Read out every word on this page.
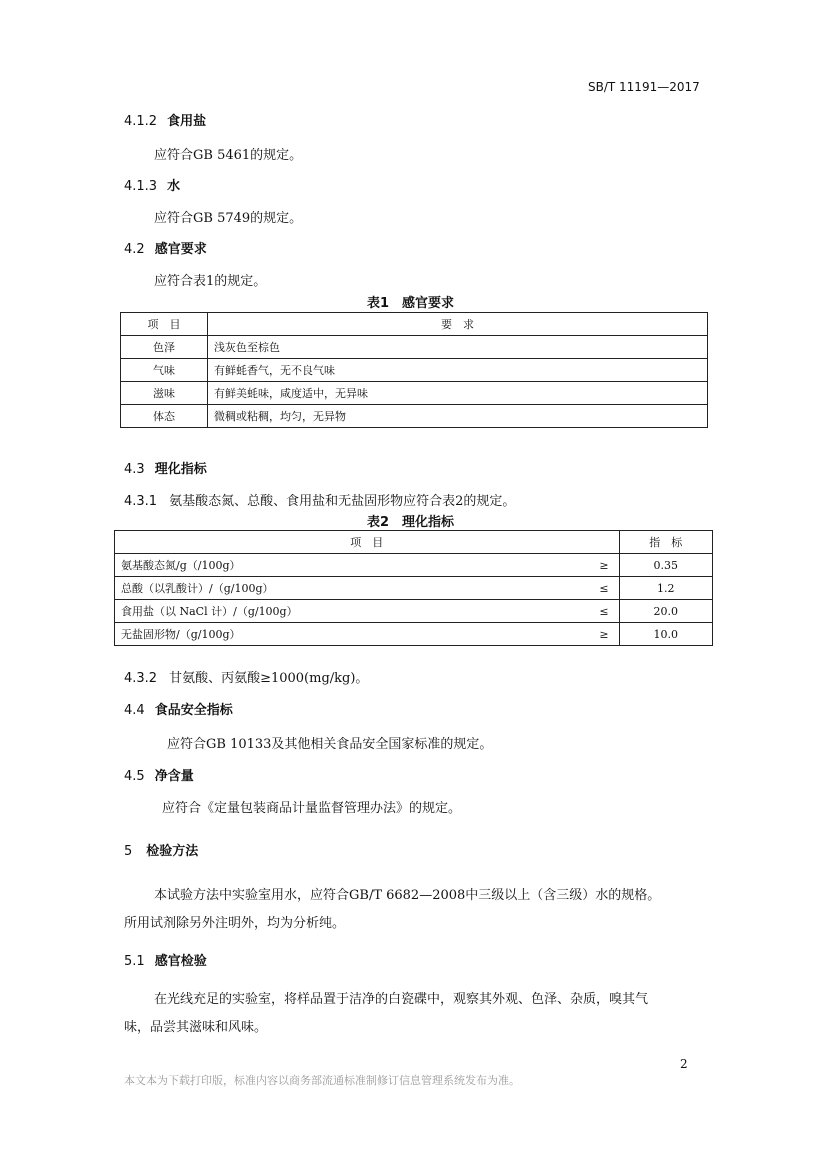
SB/T 11191—2017
4.1.2 食用盐
应符合GB 5461的规定。
4.1.3 水
应符合GB 5749的规定。
4.2 感官要求
应符合表1的规定。
表1　感官要求
项　目	要　求
色泽	浅灰色至棕色
气味	有鲜蚝香气，无不良气味
滋味	有鲜美蚝味，咸度适中，无异味
体态	微稠或粘稠，均匀，无异物
4.3 理化指标
4.3.1 氨基酸态氮、总酸、食用盐和无盐固形物应符合表2的规定。
表2　理化指标
项　目		指　标
氨基酸态氮/g（/100g）	≥	0.35
总酸（以乳酸计）/（g/100g）	≤	1.2
食用盐（以 NaCl 计）/（g/100g）	≤	20.0
无盐固形物/（g/100g）	≥	10.0
4.3.2 甘氨酸、丙氨酸≥1000(mg/kg)。
4.4 食品安全指标
应符合GB 10133及其他相关食品安全国家标准的规定。
4.5 净含量
应符合《定量包装商品计量监督管理办法》的规定。
5 检验方法
本试验方法中实验室用水，应符合GB/T 6682—2008中三级以上（含三级）水的规格。
所用试剂除另外注明外，均为分析纯。
5.1 感官检验
在光线充足的实验室，将样品置于洁净的白瓷碟中，观察其外观、色泽、杂质，嗅其气
味，品尝其滋味和风味。
2
本文本为下载打印版，标准内容以商务部流通标准制修订信息管理系统发布为准。
